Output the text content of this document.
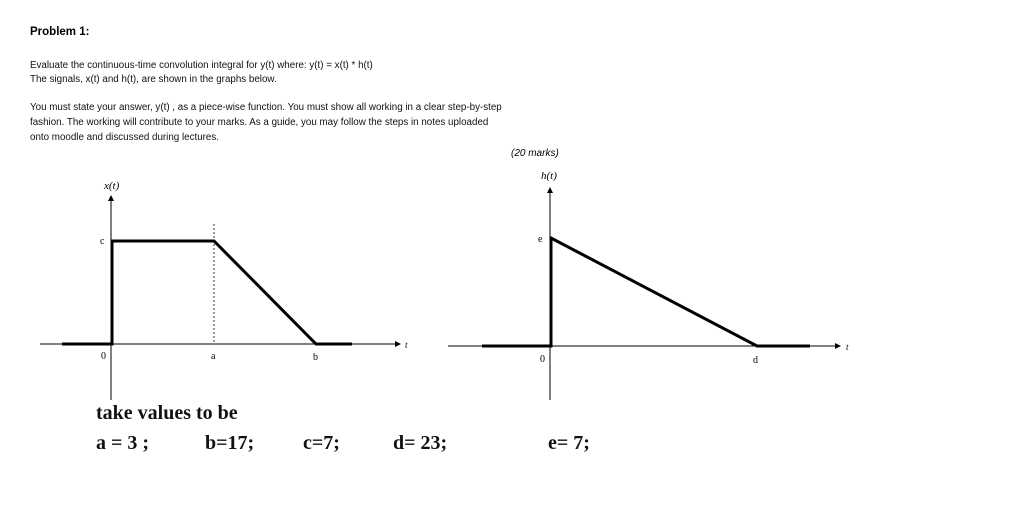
Problem 1:
Evaluate the continuous-time convolution integral for y(t) where: y(t) = x(t) * h(t)
The signals, x(t) and h(t), are shown in the graphs below.
You must state your answer, y(t) , as a piece-wise function. You must show all working in a clear step-by-step
fashion. The working will contribute to your marks. As a guide, you may follow the steps in notes uploaded
onto moodle and discussed during lectures.
(20 marks)
x(t)
c
0	a	b
t
h(t)
e
0	d
t
take values to be
a = 3 ;	b=17; c=7;	d= 23;	e= 7;
